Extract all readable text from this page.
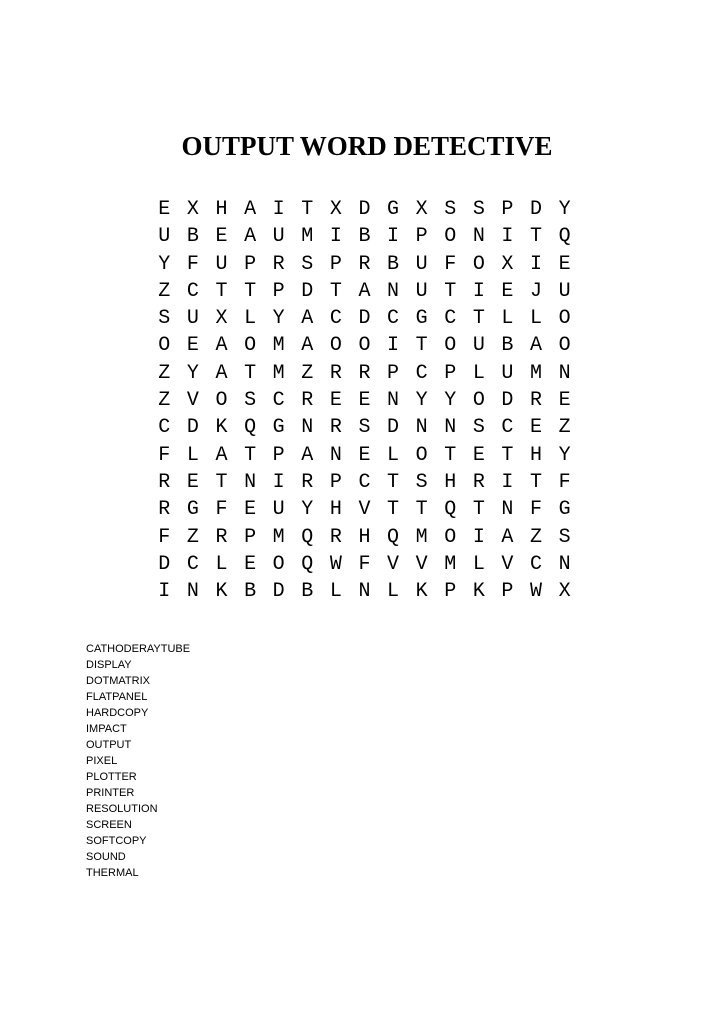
OUTPUT WORD DETECTIVE
E X H A I T X D G X S S P D Y
U B E A U M I B I P O N I T Q
Y F U P R S P R B U F O X I E
Z C T T P D T A N U T I E J U
S U X L Y A C D C G C T L L O
O E A O M A O O I T O U B A O
Z Y A T M Z R R P C P L U M N
Z V O S C R E E N Y Y O D R E
C D K Q G N R S D N N S C E Z
F L A T P A N E L O T E T H Y
R E T N I R P C T S H R I T F
R G F E U Y H V T T Q T N F G
F Z R P M Q R H Q M O I A Z S
D C L E O Q W F V V M L V C N
I N K B D B L N L K P K P W X
CATHODERAYTUBE
DISPLAY
DOTMATRIX
FLATPANEL
HARDCOPY
IMPACT
OUTPUT
PIXEL
PLOTTER
PRINTER
RESOLUTION
SCREEN
SOFTCOPY
SOUND
THERMAL
